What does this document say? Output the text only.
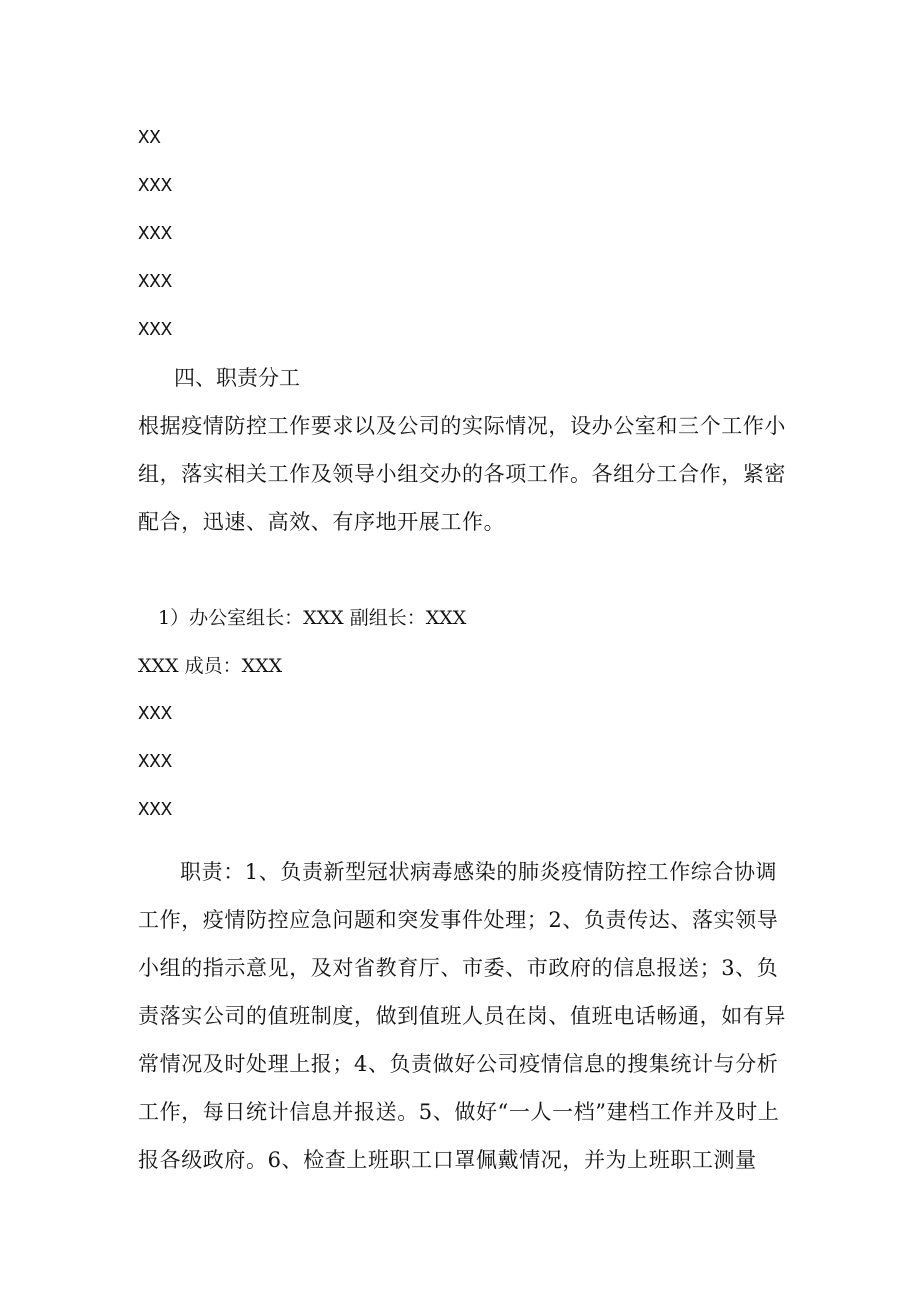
XX
XXX
XXX
XXX
XXX
四、职责分工

根据疫情防控工作要求以及公司的实际情况，设办公室和三个工作小组，落实相关工作及领导小组交办的各项工作。各组分工合作，紧密配合，迅速、高效、有序地开展工作。

1）办公室组长：XXX 副组长：XXX
XXX 成员：XXX
XXX
XXX
XXX

职责：1、负责新型冠状病毒感染的肺炎疫情防控工作综合协调工作，疫情防控应急问题和突发事件处理；2、负责传达、落实领导小组的指示意见，及对省教育厅、市委、市政府的信息报送；3、负责落实公司的值班制度，做到值班人员在岗、值班电话畅通，如有异常情况及时处理上报；4、负责做好公司疫情信息的搜集统计与分析工作，每日统计信息并报送。5、做好“一人一档”建档工作并及时上报各级政府。6、检查上班职工口罩佩戴情况，并为上班职工测量
